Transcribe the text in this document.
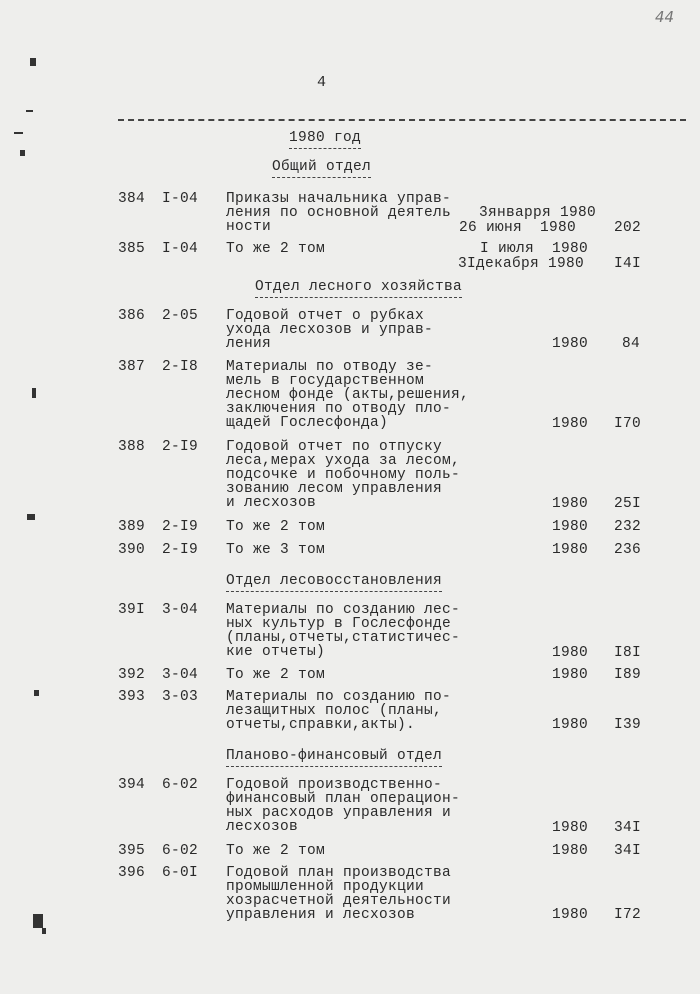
44
4
1980 год
Общий отдел
384 I-04 Приказы начальника управ-
ления по основной деятель
ности
3январря 1980
26 июня  1980	202
385 I-04 То же 2 том	I июля  1980
3Iдекабря 1980 I4I
Отдел лесного хозяйства
386 2-05 Годовой отчет о рубках
ухода лесхозов и управ-
ления	1980 84
387 2-I8 Материалы по отводу зе-
мель в государственном
лесном фонде (акты,решения,
заключения по отводу пло-
щадей Гослесфонда)	1980 I70
388 2-I9 Годовой отчет по отпуску
леса,мерах ухода за лесом,
подсочке и побочному поль-
зованию лесом управления
и лесхозов	1980 25I
389 2-I9 То же 2 том	1980 232
390 2-I9 То же 3 том	1980 236
Отдел лесовосстановления
39I 3-04 Материалы по созданию лес-
ных культур в Гослесфонде
(планы,отчеты,статистичес-
кие отчеты)	1980 I8I
392 3-04 То же 2 том	1980 I89
393 3-03 Материалы по созданию по-
лезащитных полос (планы,
отчеты,справки,акты).	1980 I39
Планово-финансовый отдел
394 6-02 Годовой производственно-
финансовый план операцион-
ных расходов управления и
лесхозов	1980 34I
395 6-02 То же 2 том	1980 34I
396 6-0I Годовой план производства
промышленной продукции
хозрасчетной деятельности
управления и лесхозов	1980 I72
